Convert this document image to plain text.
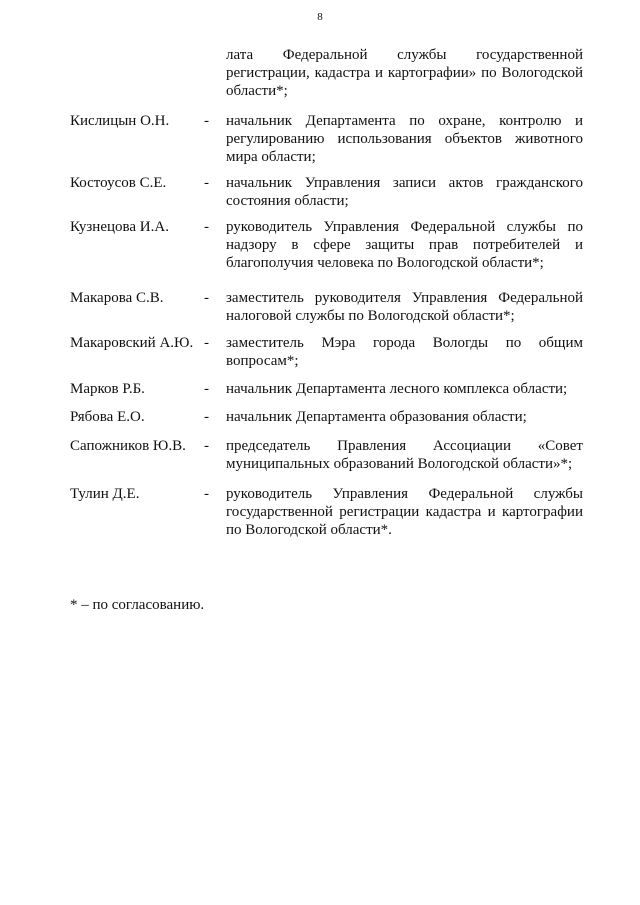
8
лата Федеральной службы государственной регистрации, кадастра и картографии» по Вологодской области*;
Кислицын О.Н. - начальник Департамента по охране, контролю и регулированию использования объектов животного мира области;
Костоусов С.Е.	- начальник Управления записи актов гражданского состояния области;
Кузнецова И.А. - руководитель Управления Федеральной службы по надзору в сфере защиты прав потребителей и благополучия человека по Вологодской области*;
Макарова С.В.	- заместитель руководителя Управления Федеральной налоговой службы по Вологодской области*;
Макаровский А.Ю. - заместитель Мэра города Вологды по общим вопросам*;
Марков Р.Б.	- начальник Департамента лесного комплекса области;
Рябова Е.О.	- начальник Департамента образования области;
Сапожников Ю.В. - председатель Правления Ассоциации «Совет муниципальных образований Вологодской области»*;
Тулин Д.Е.	- руководитель Управления Федеральной службы государственной регистрации кадастра и картографии по Вологодской области*.
* – по согласованию.
